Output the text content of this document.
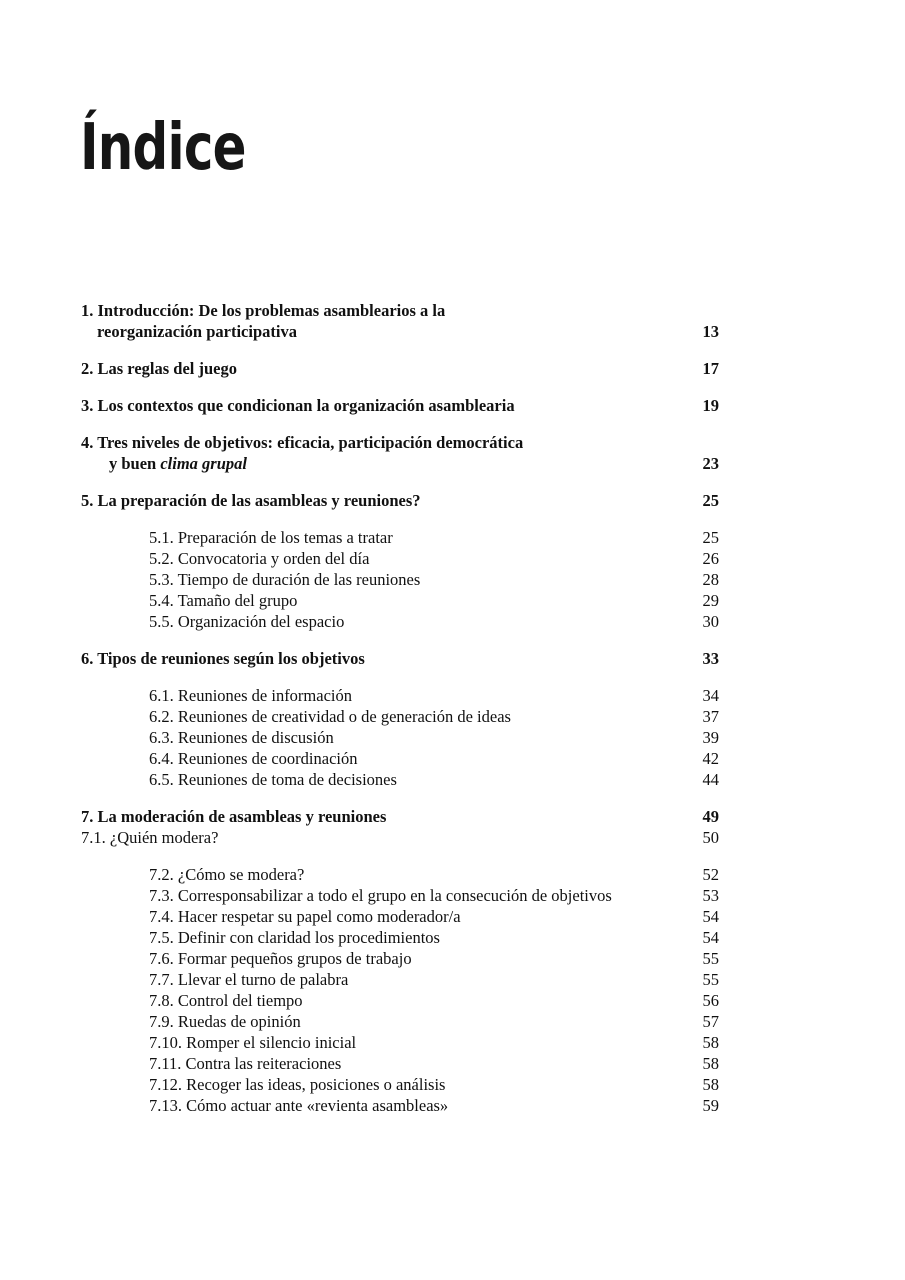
Índice
1. Introducción: De los problemas asamblearios a la
reorganización participativa	13
2. Las reglas del juego	17
3. Los contextos que condicionan la organización asamblearia	19
4. Tres niveles de objetivos: eficacia, participación democrática
y buen clima grupal	23
5. La preparación de las asambleas y reuniones?	25
5.1. Preparación de los temas a tratar	25
5.2. Convocatoria y orden del día	26
5.3. Tiempo de duración de las reuniones	28
5.4. Tamaño del grupo	29
5.5. Organización del espacio	30
6. Tipos de reuniones según los objetivos	33
6.1. Reuniones de información	34
6.2. Reuniones de creatividad o de generación de ideas	37
6.3. Reuniones de discusión	39
6.4. Reuniones de coordinación	42
6.5. Reuniones de toma de decisiones	44
7. La moderación de asambleas y reuniones	49
7.1. ¿Quién modera?	50
7.2. ¿Cómo se modera?	52
7.3. Corresponsabilizar a todo el grupo en la consecución de objetivos	53
7.4. Hacer respetar su papel como moderador/a	54
7.5. Definir con claridad los procedimientos	54
7.6. Formar pequeños grupos de trabajo	55
7.7. Llevar el turno de palabra	55
7.8. Control del tiempo	56
7.9. Ruedas de opinión	57
7.10. Romper el silencio inicial	58
7.11. Contra las reiteraciones	58
7.12. Recoger las ideas, posiciones o análisis	58
7.13. Cómo actuar ante «revienta asambleas»	59
